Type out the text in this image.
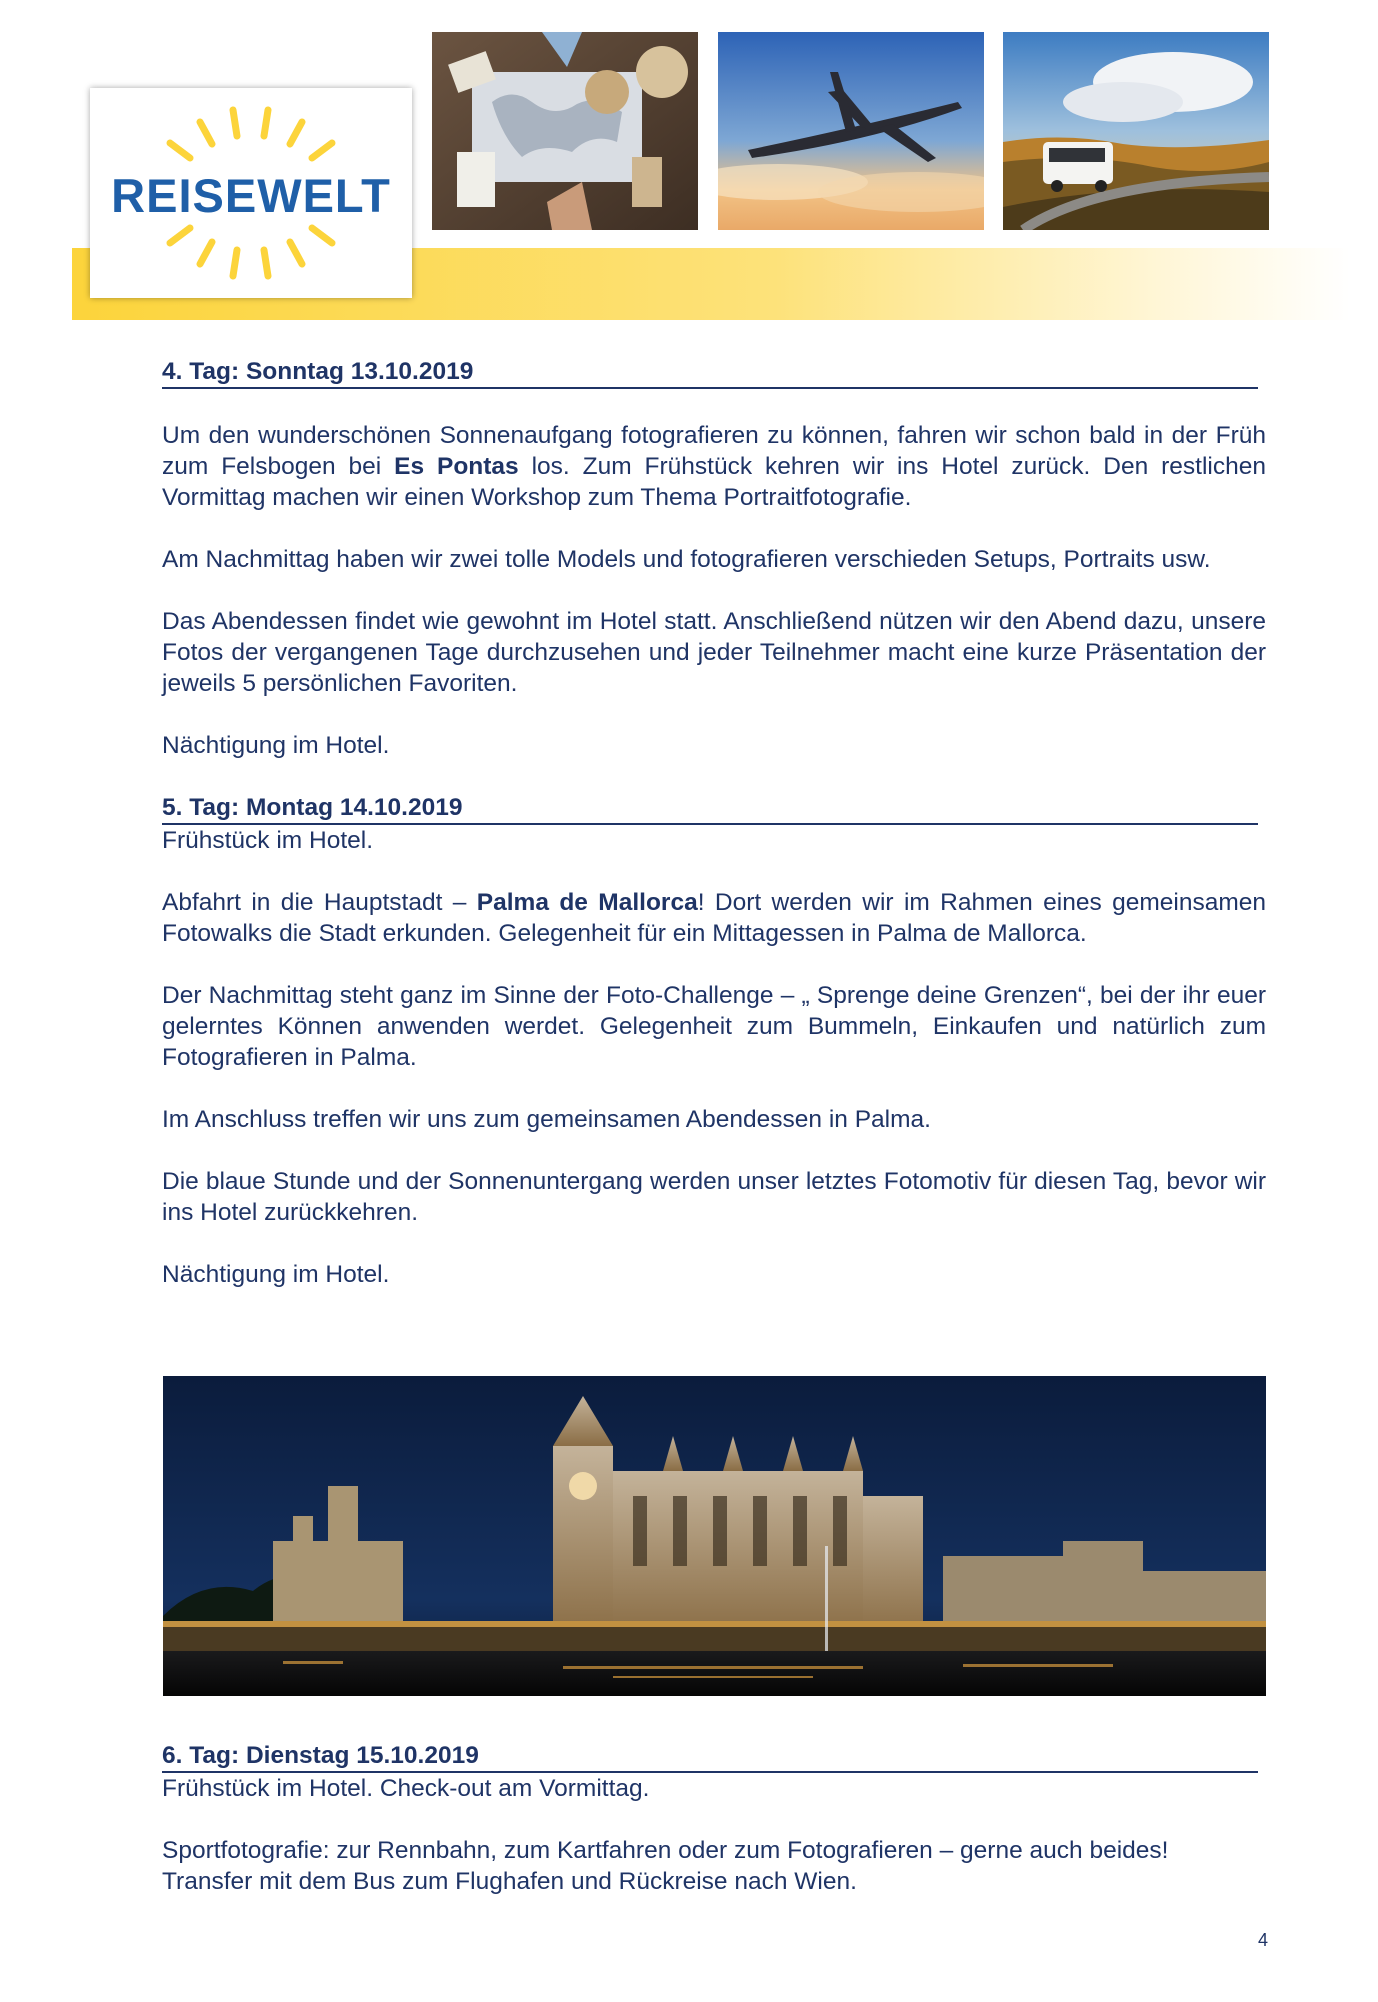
REISEWELT
4. Tag: Sonntag 13.10.2019

Um den wunderschönen Sonnenaufgang fotografieren zu können, fahren wir schon bald in der Früh zum Felsbogen bei Es Pontas los. Zum Frühstück kehren wir ins Hotel zurück. Den restlichen Vormittag machen wir einen Workshop zum Thema Portraitfotografie.

Am Nachmittag haben wir zwei tolle Models und fotografieren verschieden Setups, Portraits usw.

Das Abendessen findet wie gewohnt im Hotel statt. Anschließend nützen wir den Abend dazu, unsere Fotos der vergangenen Tage durchzusehen und jeder Teilnehmer macht eine kurze Präsentation der jeweils 5 persönlichen Favoriten.

Nächtigung im Hotel.

5. Tag: Montag 14.10.2019

Frühstück im Hotel.

Abfahrt in die Hauptstadt – Palma de Mallorca! Dort werden wir im Rahmen eines gemeinsamen Fotowalks die Stadt erkunden. Gelegenheit für ein Mittagessen in Palma de Mallorca.

Der Nachmittag steht ganz im Sinne der Foto-Challenge – „ Sprenge deine Grenzen“, bei der ihr euer gelerntes Können anwenden werdet. Gelegenheit zum Bummeln, Einkaufen und natürlich zum Fotografieren in Palma.

Im Anschluss treffen wir uns zum gemeinsamen Abendessen in Palma.

Die blaue Stunde und der Sonnenuntergang werden unser letztes Fotomotiv für diesen Tag, bevor wir ins Hotel zurückkehren.

Nächtigung im Hotel.

6. Tag: Dienstag 15.10.2019

Frühstück im Hotel. Check-out am Vormittag.

Sportfotografie: zur Rennbahn, zum Kartfahren oder zum Fotografieren – gerne auch beides!

Transfer mit dem Bus zum Flughafen und Rückreise nach Wien.

4
